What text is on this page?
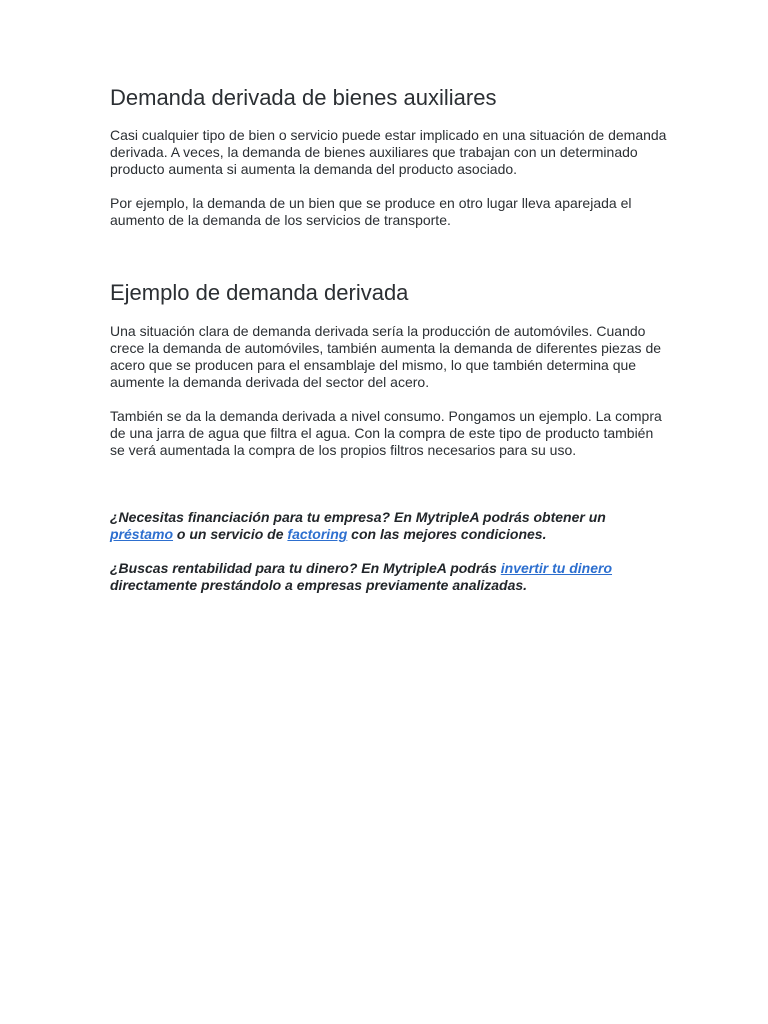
Demanda derivada de bienes auxiliares

Casi cualquier tipo de bien o servicio puede estar implicado en una situación de demanda derivada. A veces, la demanda de bienes auxiliares que trabajan con un determinado producto aumenta si aumenta la demanda del producto asociado.

Por ejemplo, la demanda de un bien que se produce en otro lugar lleva aparejada el aumento de la demanda de los servicios de transporte.

Ejemplo de demanda derivada

Una situación clara de demanda derivada sería la producción de automóviles. Cuando crece la demanda de automóviles, también aumenta la demanda de diferentes piezas de acero que se producen para el ensamblaje del mismo, lo que también determina que aumente la demanda derivada del sector del acero.

También se da la demanda derivada a nivel consumo. Pongamos un ejemplo. La compra de una jarra de agua que filtra el agua. Con la compra de este tipo de producto también se verá aumentada la compra de los propios filtros necesarios para su uso.

¿Necesitas financiación para tu empresa? En MytripleA podrás obtener un préstamo o un servicio de factoring con las mejores condiciones.

¿Buscas rentabilidad para tu dinero? En MytripleA podrás invertir tu dinero directamente prestándolo a empresas previamente analizadas.
